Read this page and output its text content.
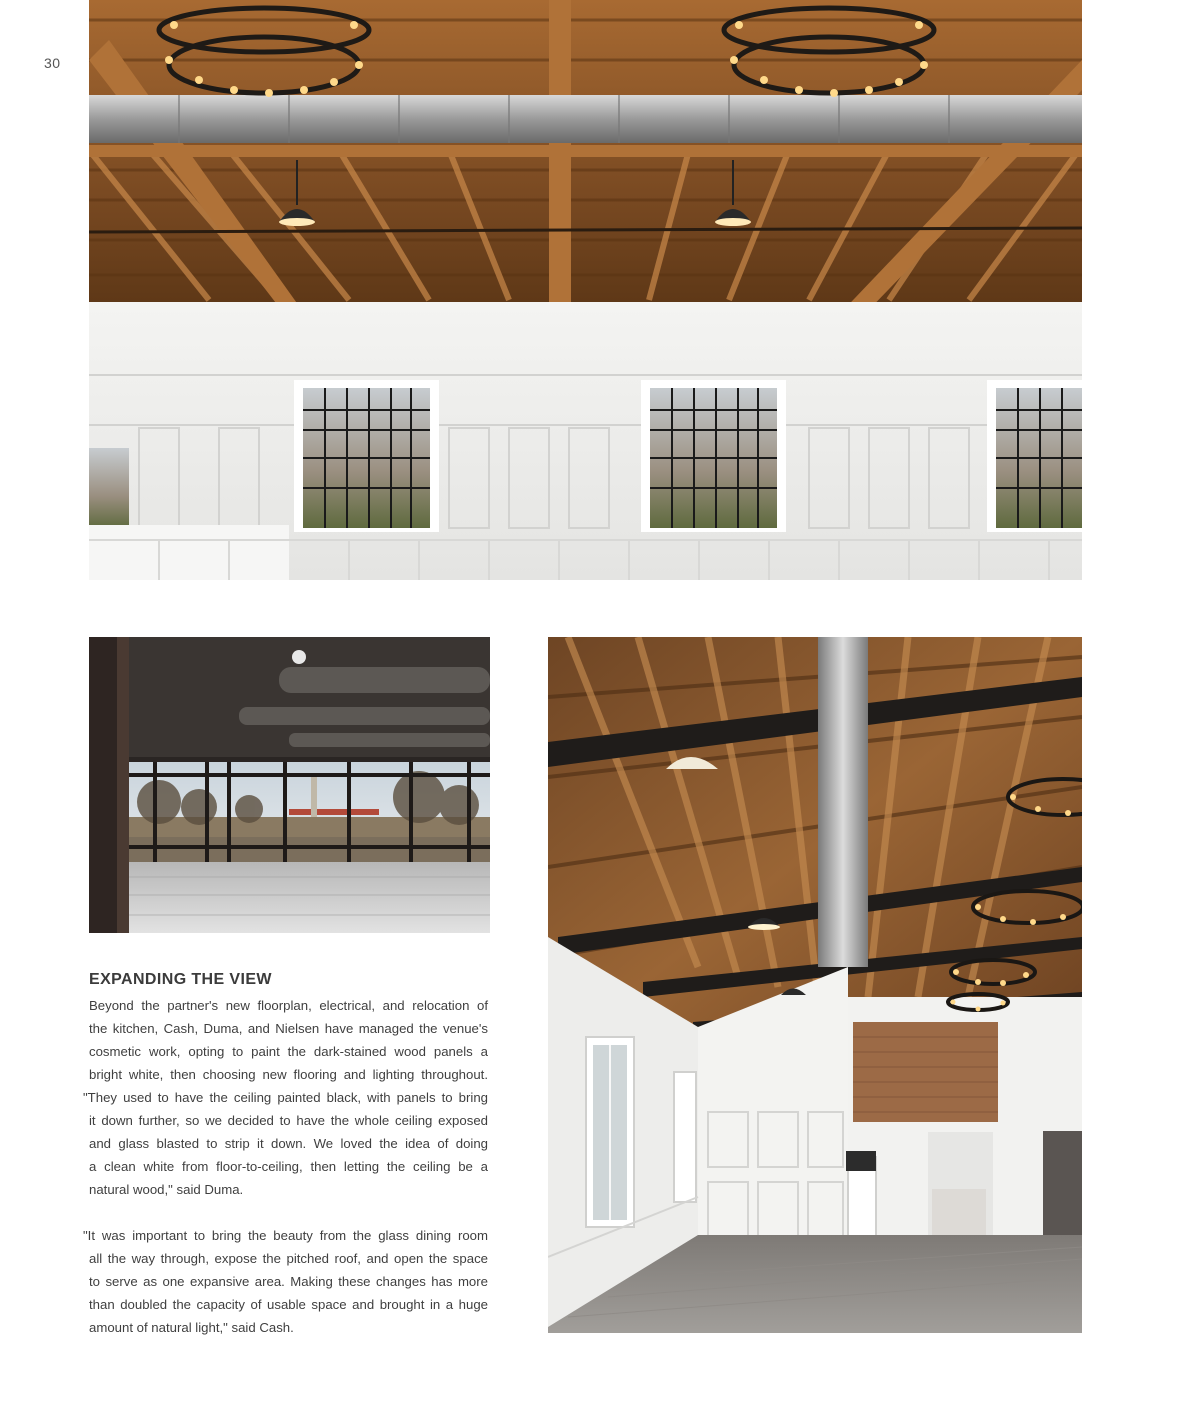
30
EXPANDING THE VIEW

Beyond the partner's new floorplan, electrical, and relocation of
the kitchen, Cash, Duma, and Nielsen have managed the venue's
cosmetic work, opting to paint the dark-stained wood panels a
bright white, then choosing new flooring and lighting throughout.
"They used to have the ceiling painted black, with panels to bring
it down further, so we decided to have the whole ceiling exposed
and glass blasted to strip it down. We loved the idea of doing
a clean white from floor-to-ceiling, then letting the ceiling be a
natural wood," said Duma.

"It was important to bring the beauty from the glass dining room
all the way through, expose the pitched roof, and open the space
to serve as one expansive area. Making these changes has more
than doubled the capacity of usable space and brought in a huge
amount of natural light," said Cash.
